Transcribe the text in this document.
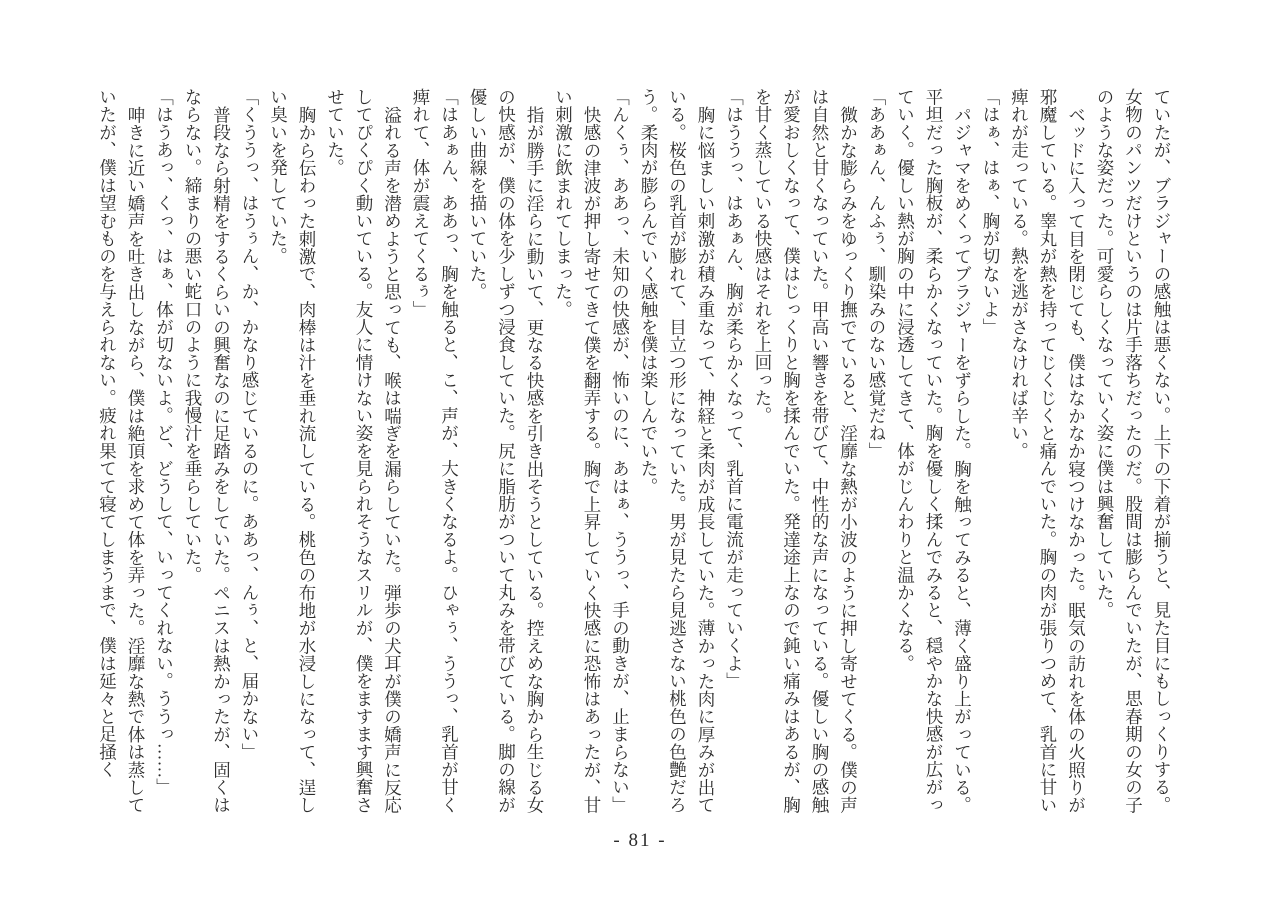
ていたが、ブラジャーの感触は悪くない。上下の下着が揃うと、見た目にもしっくりする。女物のパンツだけというのは片手落ちだったのだ。股間は膨らんでいたが、思春期の女の子のような姿だった。可愛らしくなっていく姿に僕は興奮していた。

ベッドに入って目を閉じても、僕はなかなか寝つけなかった。眠気の訪れを体の火照りが邪魔している。睾丸が熱を持ってじくじくと痛んでいた。胸の肉が張りつめて、乳首に甘い痺れが走っている。熱を逃がさなければ辛い。

「はぁ、はぁ、胸が切ないよ」

パジャマをめくってブラジャーをずらした。胸を触ってみると、薄く盛り上がっている。平坦だった胸板が、柔らかくなっていた。胸を優しく揉んでみると、穏やかな快感が広がっていく。優しい熱が胸の中に浸透してきて、体がじんわりと温かくなる。

「ああぁん、んふぅ、馴染みのない感覚だね」

微かな膨らみをゆっくり撫でていると、淫靡な熱が小波のように押し寄せてくる。僕の声は自然と甘くなっていた。甲高い響きを帯びて、中性的な声になっている。優しい胸の感触が愛おしくなって、僕はじっくりと胸を揉んでいた。発達途上なので鈍い痛みはあるが、胸を甘く蒸している快感はそれを上回った。

「はううっ、はあぁん、胸が柔らかくなって、乳首に電流が走っていくよ」

胸に悩ましい刺激が積み重なって、神経と柔肉が成長していた。薄かった肉に厚みが出ている。桜色の乳首が膨れて、目立つ形になっていた。男が見たら見逃さない桃色の色艶だろう。柔肉が膨らんでいく感触を僕は楽しんでいた。

「んくぅ、ああっ、未知の快感が、怖いのに、あはぁ、ううっ、手の動きが、止まらない」

快感の津波が押し寄せてきて僕を翻弄する。胸で上昇していく快感に恐怖はあったが、甘い刺激に飲まれてしまった。

指が勝手に淫らに動いて、更なる快感を引き出そうとしている。控えめな胸から生じる女の快感が、僕の体を少しずつ浸食していた。尻に脂肪がついて丸みを帯びている。脚の線が優しい曲線を描いていた。

「はあぁん、ああっ、胸を触ると、こ、声が、大きくなるよ。ひゃぅ、ううっ、乳首が甘く痺れて、体が震えてくるぅ」

溢れる声を潜めようと思っても、喉は喘ぎを漏らしていた。弾歩の犬耳が僕の嬌声に反応してぴくぴく動いている。友人に情けない姿を見られそうなスリルが、僕をますます興奮させていた。

胸から伝わった刺激で、肉棒は汁を垂れ流している。桃色の布地が水浸しになって、逞しい臭いを発していた。

「くううっ、はうぅん、か、かなり感じているのに。ああっ、んぅ、と、届かない」

普段なら射精をするくらいの興奮なのに足踏みをしていた。ペニスは熱かったが、固くはならない。締まりの悪い蛇口のように我慢汁を垂らしていた。

「はうあっ、くっ、はぁ、体が切ないよ。ど、どうして、いってくれない。ううっ……」

呻きに近い嬌声を吐き出しながら、僕は絶頂を求めて体を弄った。淫靡な熱で体は蒸していたが、僕は望むものを与えられない。疲れ果てて寝てしまうまで、僕は延々と足掻く

- 81 -
